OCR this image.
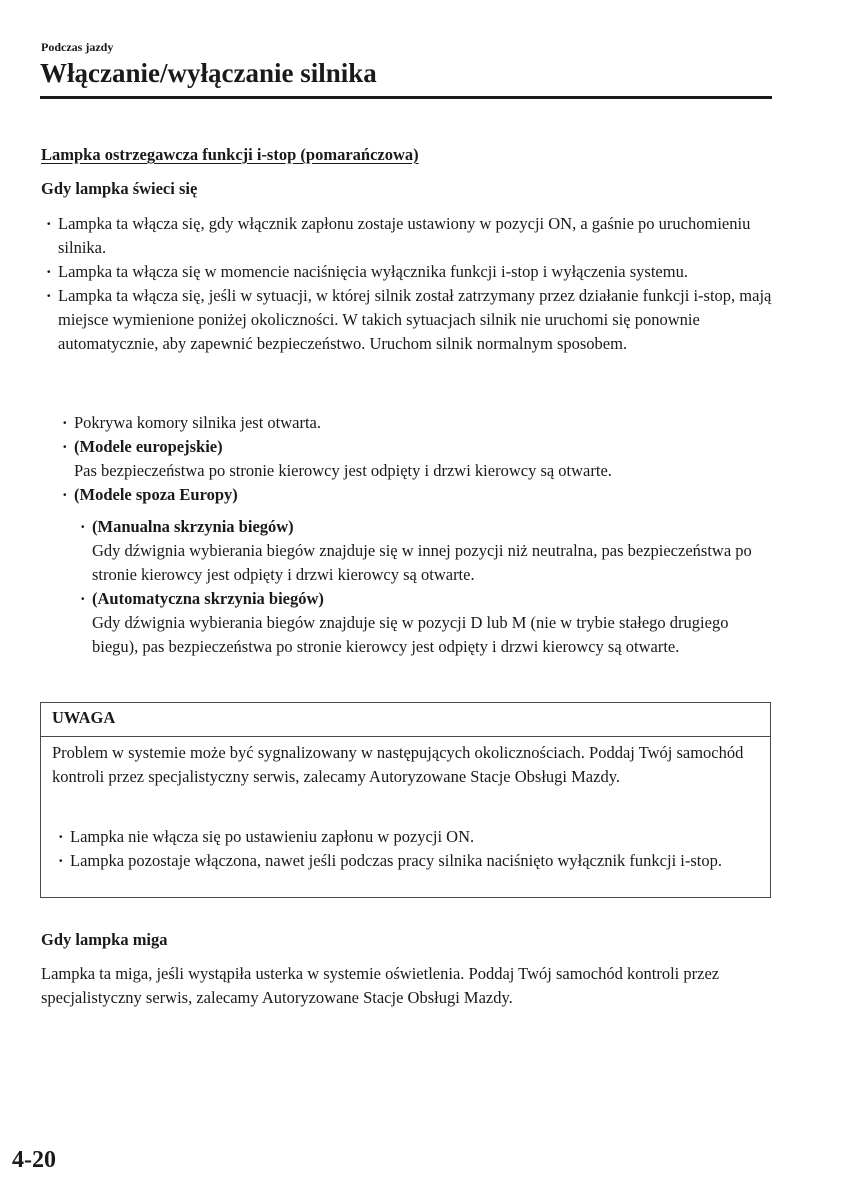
Podczas jazdy
Włączanie/wyłączanie silnika
Lampka ostrzegawcza funkcji i-stop (pomarańczowa)
Gdy lampka świeci się
· Lampka ta włącza się, gdy włącznik zapłonu zostaje ustawiony w pozycji ON, a gaśnie po uruchomieniu silnika.
· Lampka ta włącza się w momencie naciśnięcia wyłącznika funkcji i-stop i wyłączenia systemu.
· Lampka ta włącza się, jeśli w sytuacji, w której silnik został zatrzymany przez działanie funkcji i-stop, mają miejsce wymienione poniżej okoliczności. W takich sytuacjach silnik nie uruchomi się ponownie automatycznie, aby zapewnić bezpieczeństwo. Uruchom silnik normalnym sposobem.
· Pokrywa komory silnika jest otwarta.
· (Modele europejskie)
Pas bezpieczeństwa po stronie kierowcy jest odpięty i drzwi kierowcy są otwarte.
· (Modele spoza Europy)
· (Manualna skrzynia biegów)
Gdy dźwignia wybierania biegów znajduje się w innej pozycji niż neutralna, pas bezpieczeństwa po stronie kierowcy jest odpięty i drzwi kierowcy są otwarte.
· (Automatyczna skrzynia biegów)
Gdy dźwignia wybierania biegów znajduje się w pozycji D lub M (nie w trybie stałego drugiego biegu), pas bezpieczeństwa po stronie kierowcy jest odpięty i drzwi kierowcy są otwarte.
UWAGA
Problem w systemie może być sygnalizowany w następujących okolicznościach. Poddaj Twój samochód kontroli przez specjalistyczny serwis, zalecamy Autoryzowane Stacje Obsługi Mazdy.
· Lampka nie włącza się po ustawieniu zapłonu w pozycji ON.
· Lampka pozostaje włączona, nawet jeśli podczas pracy silnika naciśnięto wyłącznik funkcji i-stop.
Gdy lampka miga
Lampka ta miga, jeśli wystąpiła usterka w systemie oświetlenia. Poddaj Twój samochód kontroli przez specjalistyczny serwis, zalecamy Autoryzowane Stacje Obsługi Mazdy.
4-20
